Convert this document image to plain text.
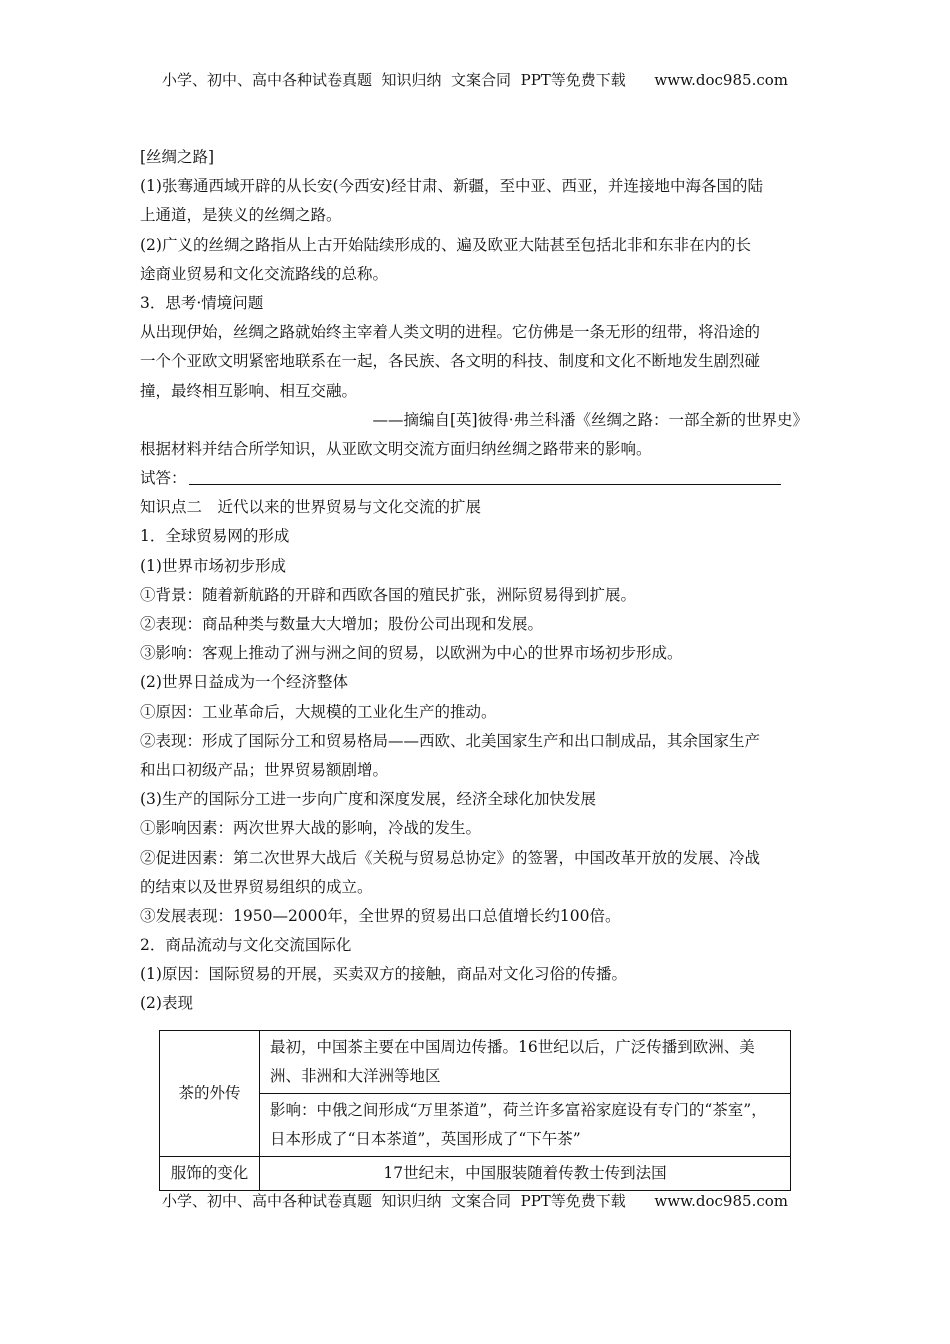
小学、初中、高中各种试卷真题  知识归纳  文案合同  PPT等免费下载      www.doc985.com
[丝绸之路]
(1)张骞通西域开辟的从长安(今西安)经甘肃、新疆，至中亚、西亚，并连接地中海各国的陆
上通道，是狭义的丝绸之路。
(2)广义的丝绸之路指从上古开始陆续形成的、遍及欧亚大陆甚至包括北非和东非在内的长
途商业贸易和文化交流路线的总称。
3．思考·情境问题
从出现伊始，丝绸之路就始终主宰着人类文明的进程。它仿佛是一条无形的纽带，将沿途的
一个个亚欧文明紧密地联系在一起，各民族、各文明的科技、制度和文化不断地发生剧烈碰
撞，最终相互影响、相互交融。
——摘编自[英]彼得·弗兰科潘《丝绸之路：一部全新的世界史》
根据材料并结合所学知识，从亚欧文明交流方面归纳丝绸之路带来的影响。
试答：
知识点二　近代以来的世界贸易与文化交流的扩展
1．全球贸易网的形成
(1)世界市场初步形成
①背景：随着新航路的开辟和西欧各国的殖民扩张，洲际贸易得到扩展。
②表现：商品种类与数量大大增加；股份公司出现和发展。
③影响：客观上推动了洲与洲之间的贸易，以欧洲为中心的世界市场初步形成。
(2)世界日益成为一个经济整体
①原因：工业革命后，大规模的工业化生产的推动。
②表现：形成了国际分工和贸易格局——西欧、北美国家生产和出口制成品，其余国家生产
和出口初级产品；世界贸易额剧增。
(3)生产的国际分工进一步向广度和深度发展，经济全球化加快发展
①影响因素：两次世界大战的影响，冷战的发生。
②促进因素：第二次世界大战后《关税与贸易总协定》的签署，中国改革开放的发展、冷战
的结束以及世界贸易组织的成立。
③发展表现：1950—2000年，全世界的贸易出口总值增长约100倍。
2．商品流动与文化交流国际化
(1)原因：国际贸易的开展，买卖双方的接触，商品对文化习俗的传播。
(2)表现
茶的外传	最初，中国茶主要在中国周边传播。16世纪以后，广泛传播到欧洲、美洲、非洲和大洋洲等地区
	影响：中俄之间形成“万里茶道”，荷兰许多富裕家庭设有专门的“茶室”，日本形成了“日本茶道”，英国形成了“下午茶”
服饰的变化	17世纪末，中国服装随着传教士传到法国
小学、初中、高中各种试卷真题  知识归纳  文案合同  PPT等免费下载      www.doc985.com
